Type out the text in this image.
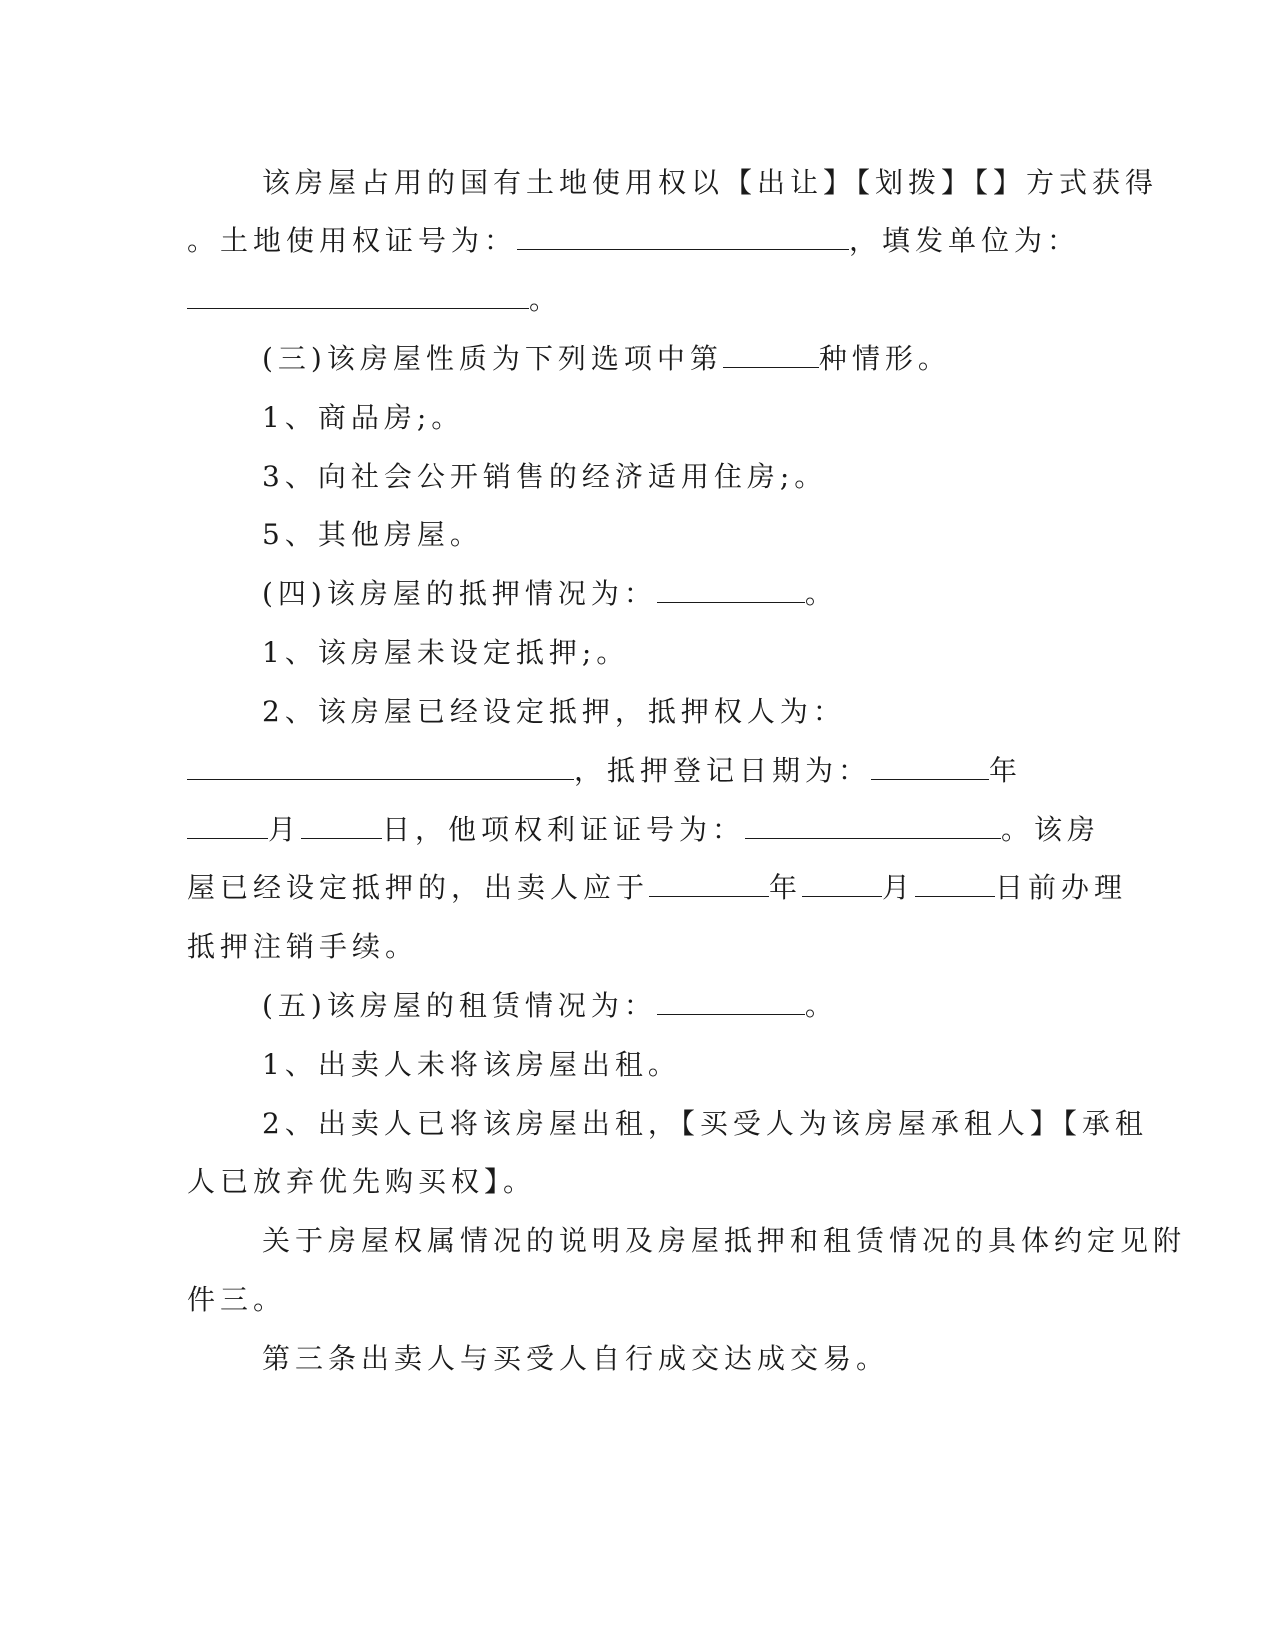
该房屋占用的国有土地使用权以【出让】【划拨】【】方式获得
。土地使用权证号为：	，填发单位为：
。
(三)该房屋性质为下列选项中第	种情形。
1、商品房;。
3、向社会公开销售的经济适用住房;。
5、其他房屋。
(四)该房屋的抵押情况为：	。
1、该房屋未设定抵押;。
2、该房屋已经设定抵押，抵押权人为：
，抵押登记日期为：	年
月	日，他项权利证证号为：	。该房
屋已经设定抵押的，出卖人应于	年	月	日前办理
抵押注销手续。
(五)该房屋的租赁情况为：	。
1、出卖人未将该房屋出租。
2、出卖人已将该房屋出租，【买受人为该房屋承租人】【承租
人已放弃优先购买权】。
关于房屋权属情况的说明及房屋抵押和租赁情况的具体约定见附
件三。
第三条出卖人与买受人自行成交达成交易。
